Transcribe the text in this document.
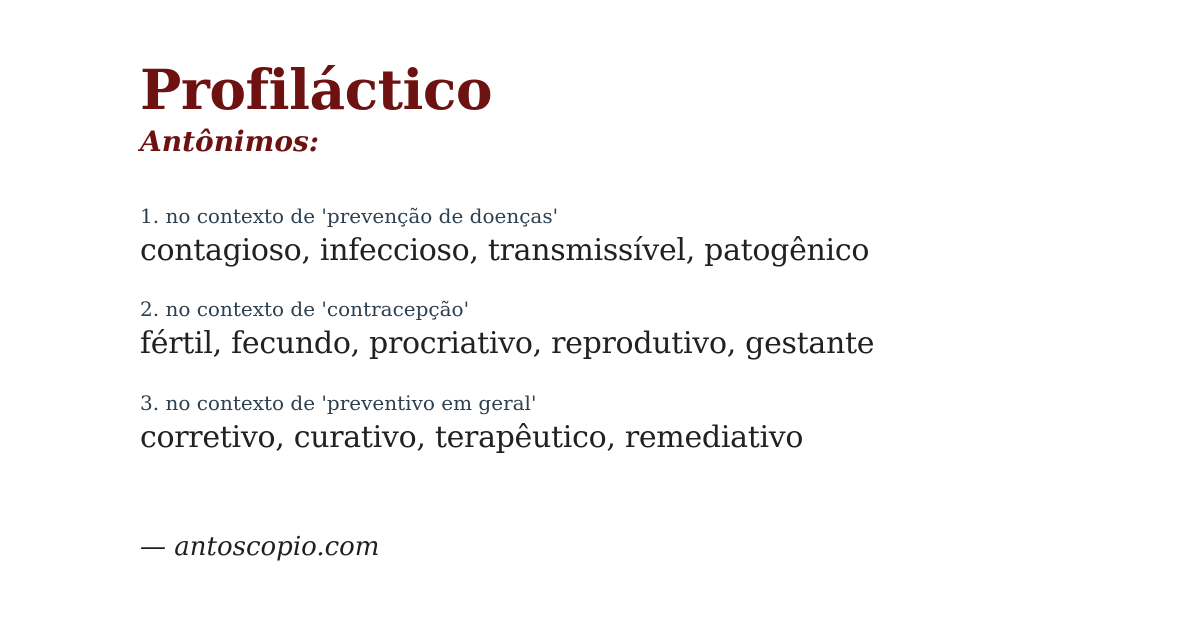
Profiláctico
Antônimos:
1. no contexto de 'prevenção de doenças'
contagioso, infeccioso, transmissível, patogênico
2. no contexto de 'contracepção'
fértil, fecundo, procriativo, reprodutivo, gestante
3. no contexto de 'preventivo em geral'
corretivo, curativo, terapêutico, remediativo
— antoscopio.com
